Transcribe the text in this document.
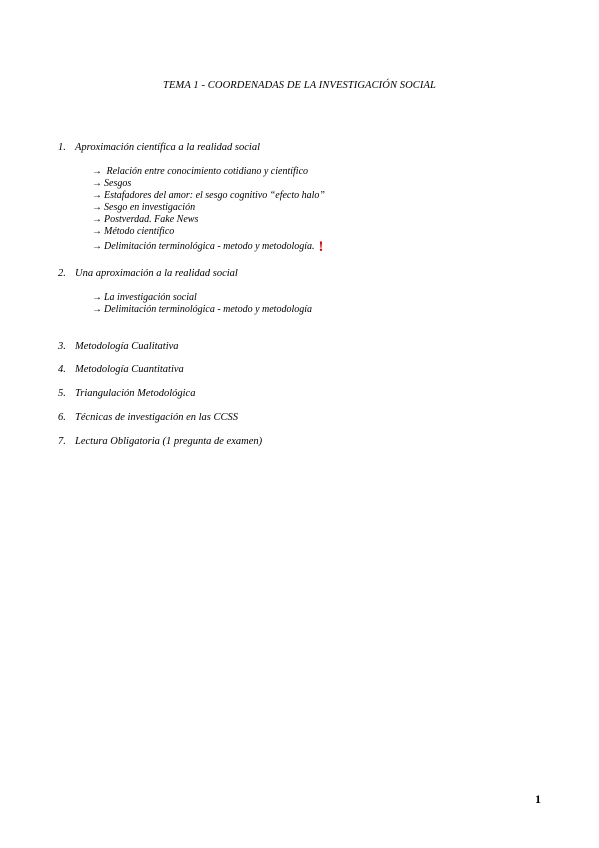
TEMA 1 - COORDENADAS DE LA INVESTIGACIÓN SOCIAL
1. Aproximación científica a la realidad social
→ Relación entre conocimiento cotidiano y científico
→ Sesgos
→ Estafadores del amor: el sesgo cognitivo “efecto halo”
→ Sesgo en investigación
→ Postverdad. Fake News
→ Método científico
→ Delimitación terminológica - metodo y metodología. !
2. Una aproximación a la realidad social
→ La investigación social
→ Delimitación terminológica - metodo y metodología
3. Metodología Cualitativa
4. Metodología Cuantitativa
5. Triangulación Metodológica
6. Técnicas de investigación en las CCSS
7. Lectura Obligatoria (1 pregunta de examen)
1
